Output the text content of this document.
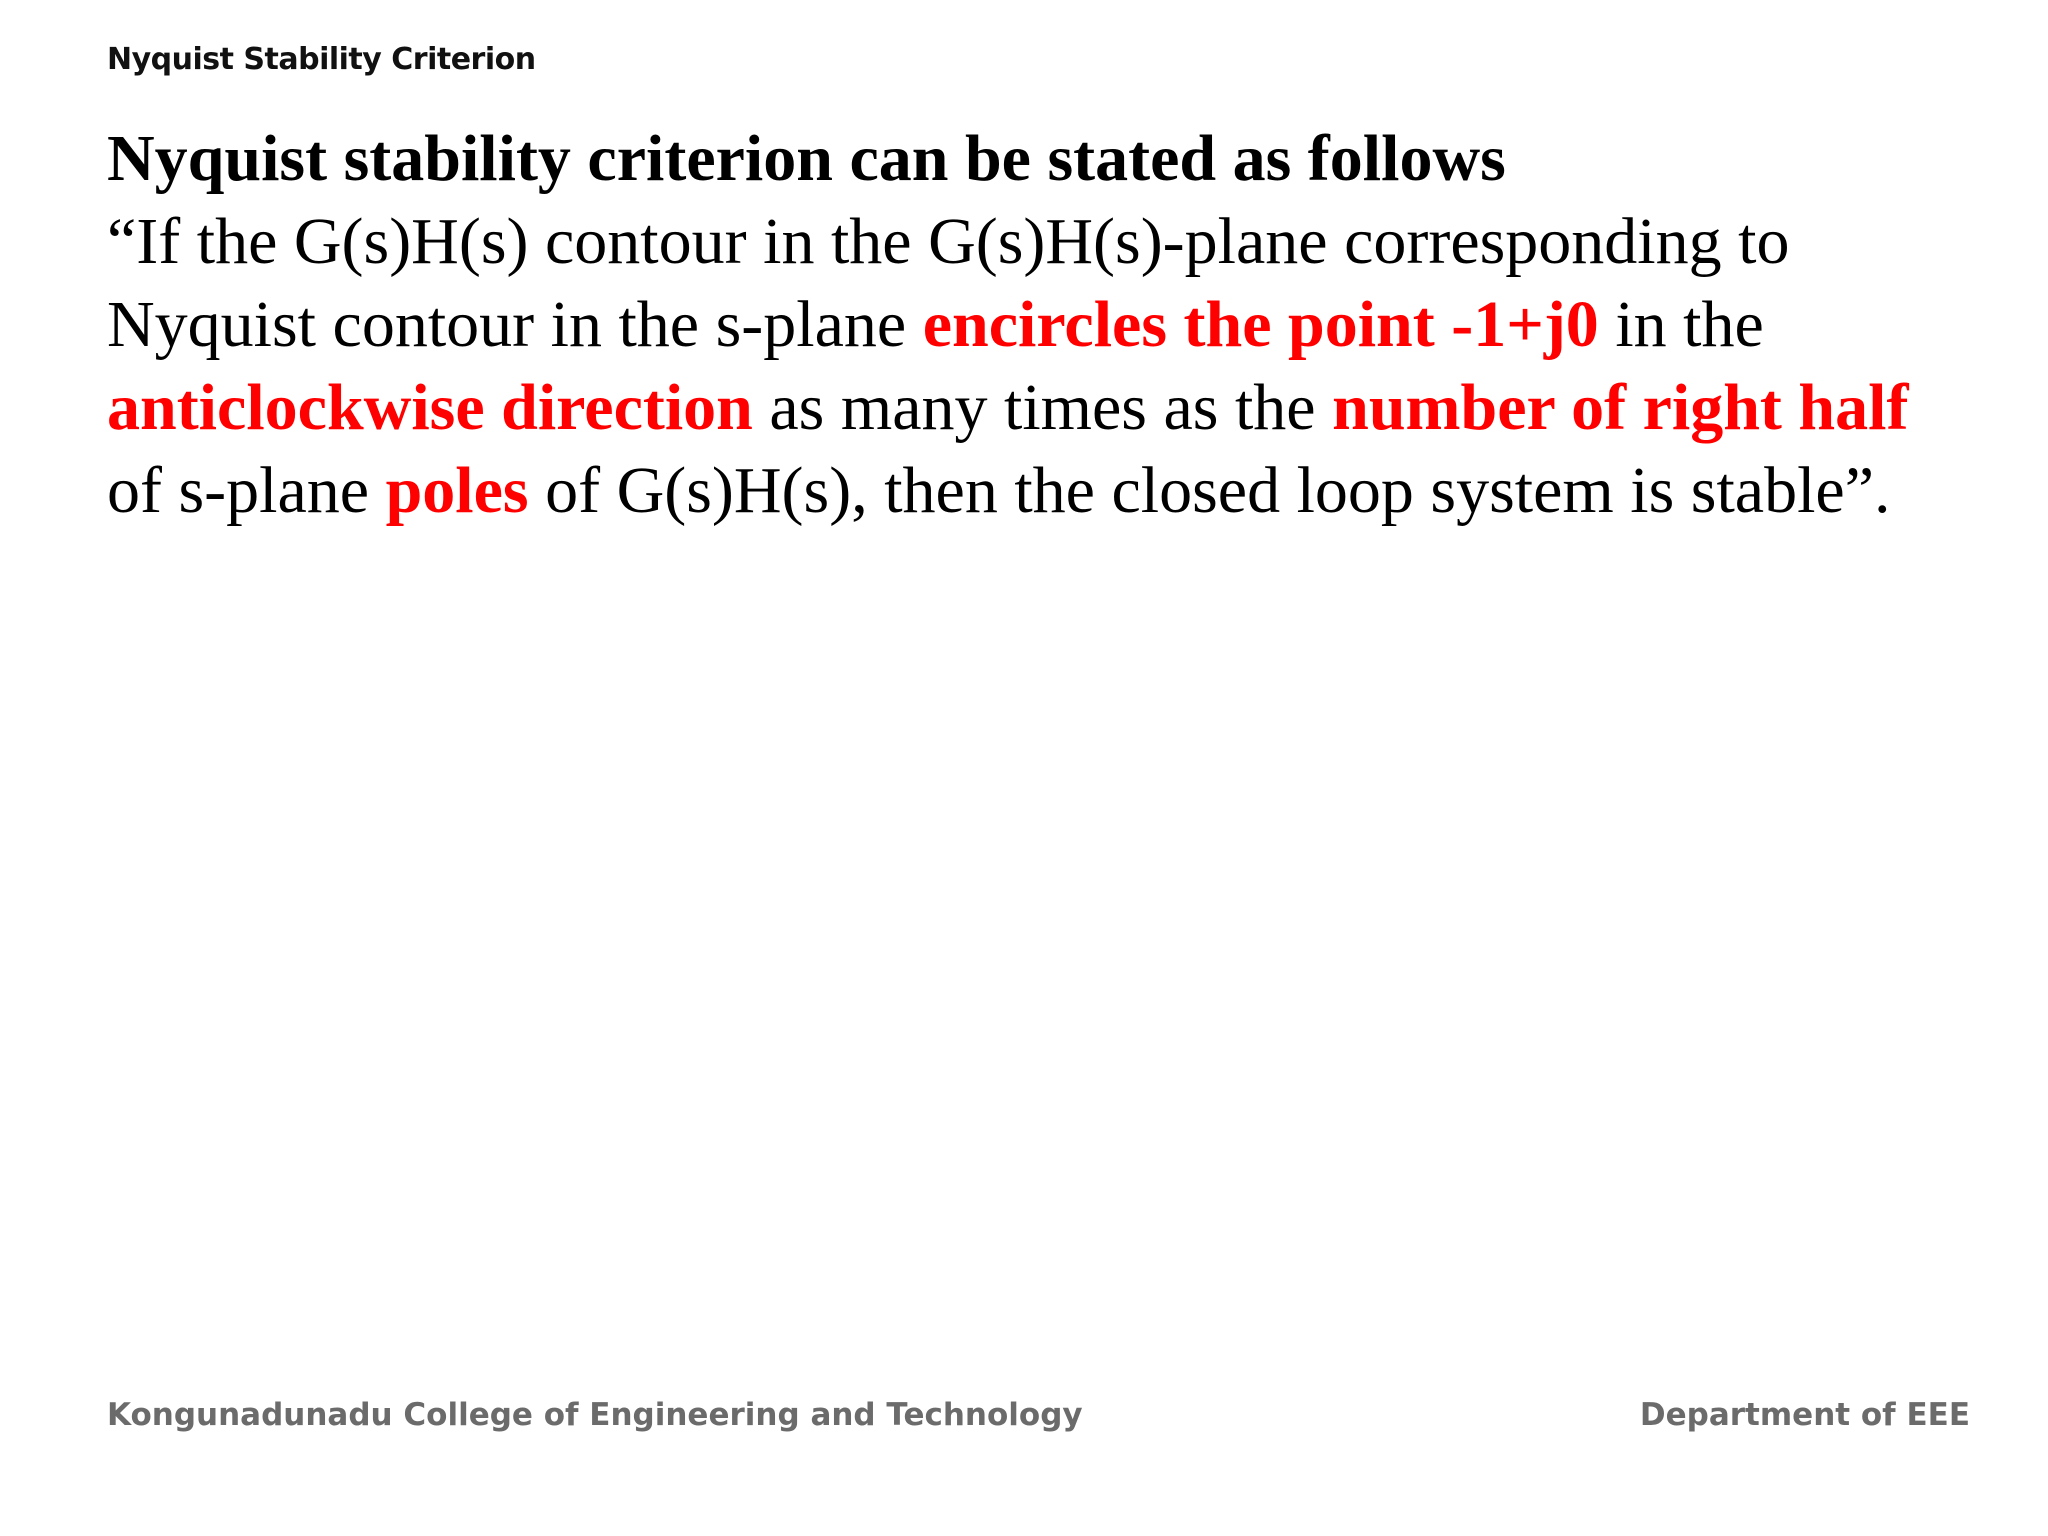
Nyquist Stability Criterion
Nyquist stability criterion can be stated as follows
“If the G(s)H(s) contour in the G(s)H(s)-plane corresponding to
Nyquist contour in the s-plane encircles the point -1+j0 in the
anticlockwise direction as many times as the number of right half
of s-plane poles of G(s)H(s), then the closed loop system is stable”.
Kongunadunadu College of Engineering and Technology	Department of EEE
